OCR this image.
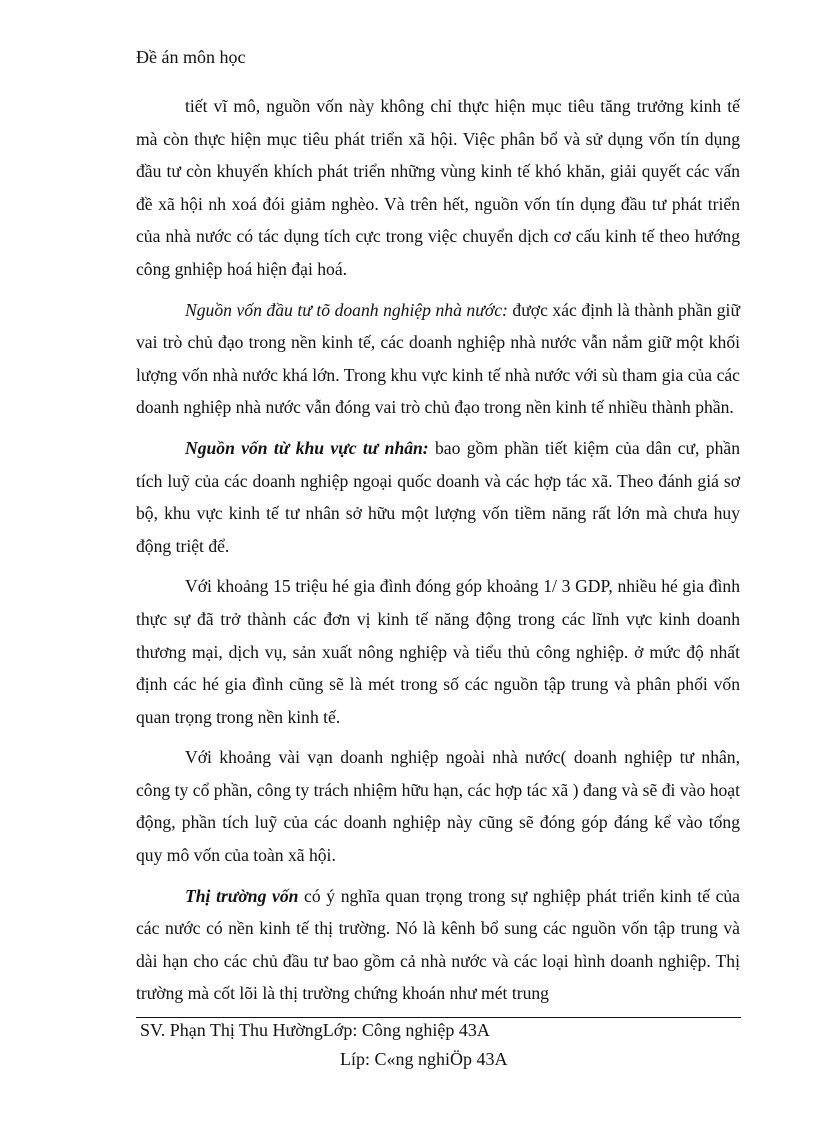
Đề án môn học

tiết vĩ mô, nguồn vốn này không chỉ thực hiện mục tiêu tăng trưởng kinh tế mà còn thực hiện mục tiêu phát triển xã hội. Việc phân bổ và sử dụng vốn tín dụng đầu tư còn khuyến khích phát triển những vùng kinh tế khó khăn, giải quyết các vấn đề xã hội nh xoá đói giảm nghèo. Và trên hết, nguồn vốn tín dụng đầu tư phát triển của nhà nước có tác dụng tích cực trong việc chuyển dịch cơ cấu kinh tế theo hướng công gnhiệp hoá hiện đại hoá.

Nguồn vốn đầu tư tõ doanh nghiệp nhà nước: được xác định là thành phần giữ vai trò chủ đạo trong nền kinh tế, các doanh nghiệp nhà nước vẫn nắm giữ một khối lượng vốn nhà nước khá lớn. Trong khu vực kinh tế nhà nước với sù tham gia của các doanh nghiệp nhà nước vẫn đóng vai trò chủ đạo trong nền kinh tế nhiều thành phần.

Nguồn vốn từ khu vực tư nhân: bao gồm phần tiết kiệm của dân cư, phần tích luỹ của các doanh nghiệp ngoại quốc doanh và các hợp tác xã. Theo đánh giá sơ bộ, khu vực kinh tế tư nhân sở hữu một lượng vốn tiềm năng rất lớn mà chưa huy động triệt để.

Với khoảng 15 triệu hé gia đình đóng góp khoảng 1/ 3 GDP, nhiều hé gia đình thực sự đã trở thành các đơn vị kinh tế năng động trong các lĩnh vực kinh doanh thương mại, dịch vụ, sản xuất nông nghiệp và tiểu thủ công nghiệp. ở mức độ nhất định các hé gia đình cũng sẽ là mét trong số các nguồn tập trung và phân phối vốn quan trọng trong nền kinh tế.

Với khoảng vài vạn doanh nghiệp ngoài nhà nước( doanh nghiệp tư nhân, công ty cổ phần, công ty trách nhiệm hữu hạn, các hợp tác xã ) đang và sẽ đi vào hoạt động, phần tích luỹ của các doanh nghiệp này cũng sẽ đóng góp đáng kể vào tổng quy mô vốn của toàn xã hội.

Thị trường vốn có ý nghĩa quan trọng trong sự nghiệp phát triển kinh tế của các nước có nền kinh tế thị trường. Nó là kênh bổ sung các nguồn vốn tập trung và dài hạn cho các chủ đầu tư bao gồm cả nhà nước và các loại hình doanh nghiệp. Thị trường mà cốt lõi là thị trường chứng khoán như mét trung

SV. Phạn Thị Thu HườngLớp: Công nghiệp 43A
Líp: C«ng nghiÖp 43A
